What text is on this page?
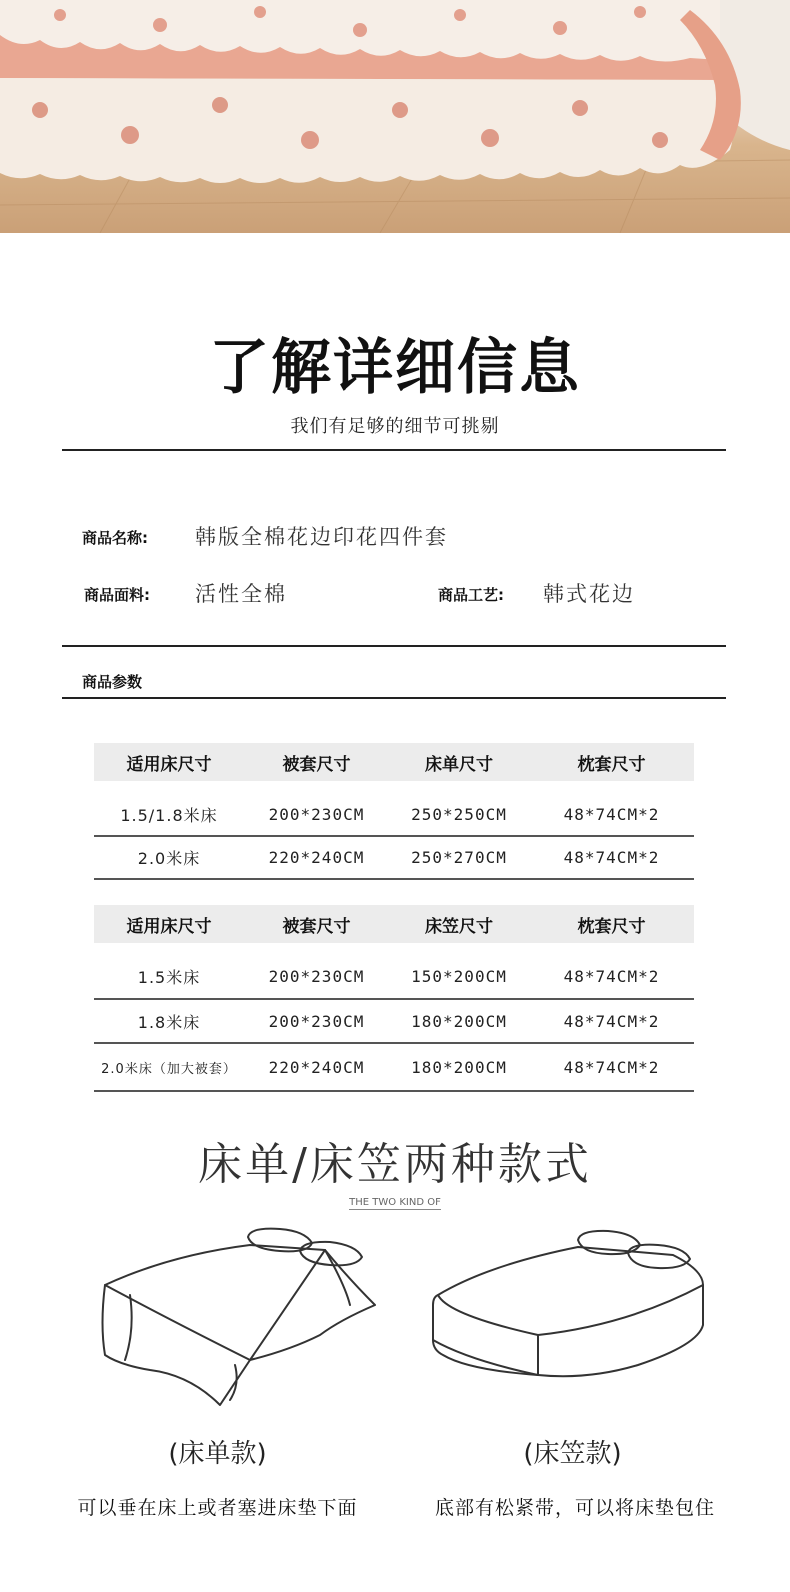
了解详细信息
我们有足够的细节可挑剔
商品名称: 韩版全棉花边印花四件套
商品面料: 活性全棉	商品工艺: 韩式花边
商品参数
适用床尺寸	被套尺寸	床单尺寸	枕套尺寸

1.5/1.8米床	200*230CM	250*250CM	48*74CM*2
2.0米床	220*240CM	250*270CM	48*74CM*2
适用床尺寸	被套尺寸	床笠尺寸	枕套尺寸

1.5米床	200*230CM	150*200CM	48*74CM*2
1.8米床	200*230CM	180*200CM	48*74CM*2
2.0米床（加大被套）	220*240CM	180*200CM	48*74CM*2
床单/床笠两种款式
THE TWO KIND OF
(床单款)	(床笠款)
可以垂在床上或者塞进床垫下面	底部有松紧带，可以将床垫包住
